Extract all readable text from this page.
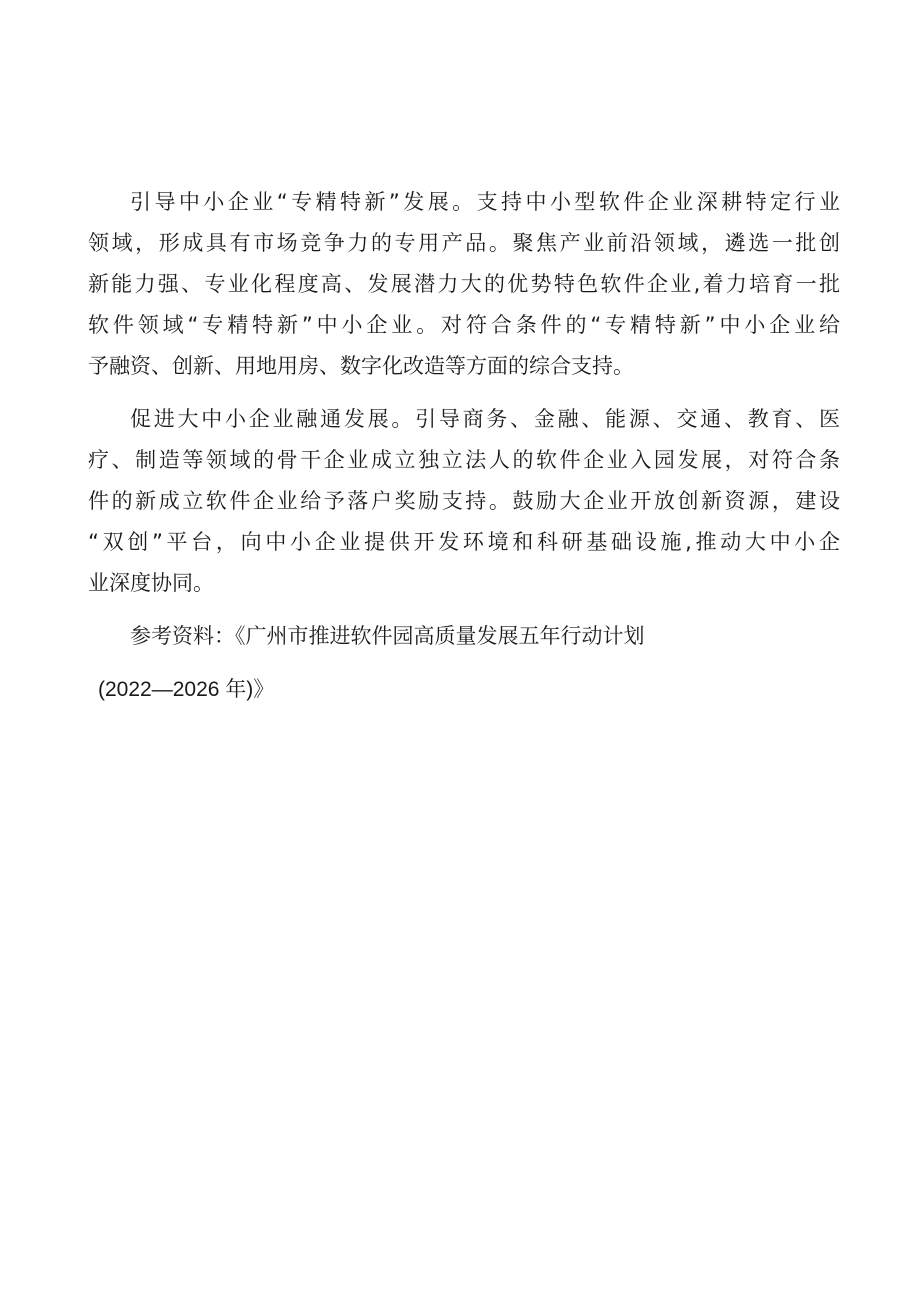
引导中小企业“专精特新”发展。支持中小型软件企业深耕特定行业
领域，形成具有市场竞争力的专用产品。聚焦产业前沿领域，遴选一批创
新能力强、专业化程度高、发展潜力大的优势特色软件企业,着力培育一批
软件领域“专精特新”中小企业。对符合条件的“专精特新”中小企业给
予融资、创新、用地用房、数字化改造等方面的综合支持。
促进大中小企业融通发展。引导商务、金融、能源、交通、教育、医
疗、制造等领域的骨干企业成立独立法人的软件企业入园发展，对符合条
件的新成立软件企业给予落户奖励支持。鼓励大企业开放创新资源，建设
“双创”平台，向中小企业提供开发环境和科研基础设施,推动大中小企
业深度协同。
参考资料：《广州市推进软件园高质量发展五年行动计划
(2022—2026 年)》
